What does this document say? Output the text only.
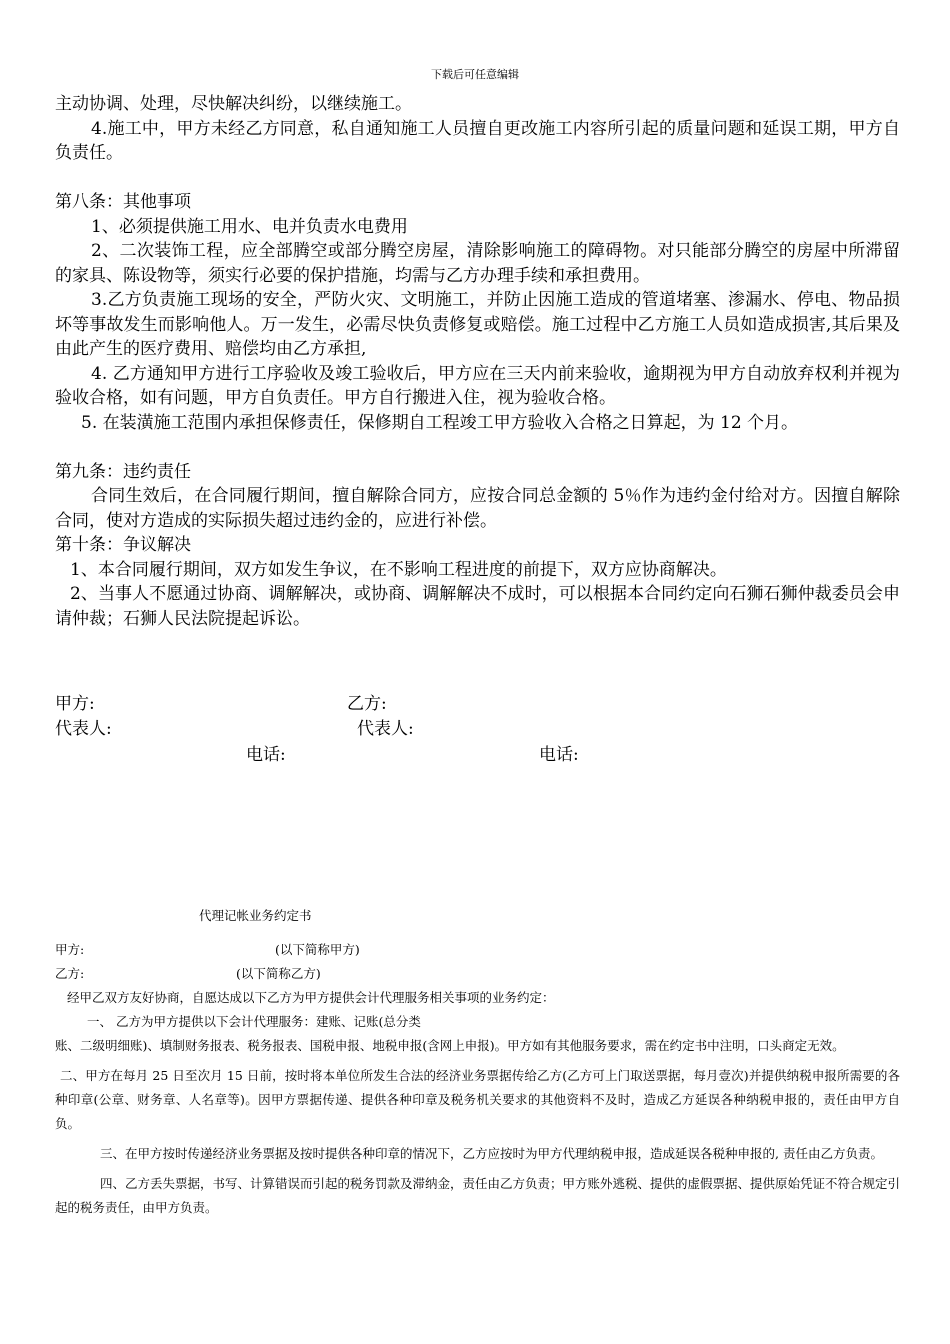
下载后可任意编辑

主动协调、处理，尽快解决纠纷，以继续施工。

4.施工中，甲方未经乙方同意，私自通知施工人员擅自更改施工内容所引起的质量问题和延误工期，甲方自负责任。

第八条：其他事项

1、必须提供施工用水、电并负责水电费用

2、二次装饰工程，应全部腾空或部分腾空房屋，清除影响施工的障碍物。对只能部分腾空的房屋中所滞留的家具、陈设物等，须实行必要的保护措施，均需与乙方办理手续和承担费用。

3.乙方负责施工现场的安全，严防火灾、文明施工，并防止因施工造成的管道堵塞、渗漏水、停电、物品损坏等事故发生而影响他人。万一发生，必需尽快负责修复或赔偿。施工过程中乙方施工人员如造成损害,其后果及由此产生的医疗费用、赔偿均由乙方承担,

4. 乙方通知甲方进行工序验收及竣工验收后，甲方应在三天内前来验收，逾期视为甲方自动放弃权利并视为验收合格，如有问题，甲方自负责任。甲方自行搬进入住，视为验收合格。

5. 在装潢施工范围内承担保修责任，保修期自工程竣工甲方验收入合格之日算起，为 12 个月。

第九条：违约责任

合同生效后，在合同履行期间，擅自解除合同方，应按合同总金额的 5％作为违约金付给对方。因擅自解除合同，使对方造成的实际损失超过违约金的，应进行补偿。

第十条：争议解决

1、本合同履行期间，双方如发生争议，在不影响工程进度的前提下，双方应协商解决。

2、当事人不愿通过协商、调解解决，或协商、调解解决不成时，可以根据本合同约定向石狮石狮仲裁委员会申请仲裁；石狮人民法院提起诉讼。

甲方:	乙方:
代表人:	代表人:
电话:	电话:
代理记帐业务约定书
甲方:	(以下简称甲方)
乙方:	(以下简称乙方)

经甲乙双方友好协商，自愿达成以下乙方为甲方提供会计代理服务相关事项的业务约定：

一、 乙方为甲方提供以下会计代理服务：建账、记账(总分类

账、二级明细账)、填制财务报表、税务报表、国税申报、地税申报(含网上申报)。甲方如有其他服务要求，需在约定书中注明，口头商定无效。

二、甲方在每月 25 日至次月 15 日前，按时将本单位所发生合法的经济业务票据传给乙方(乙方可上门取送票据，每月壹次)并提供纳税申报所需要的各种印章(公章、财务章、人名章等)。因甲方票据传递、提供各种印章及税务机关要求的其他资料不及时，造成乙方延误各种纳税申报的，责任由甲方自负。

三、在甲方按时传递经济业务票据及按时提供各种印章的情况下，乙方应按时为甲方代理纳税申报，造成延误各税种申报的, 责任由乙方负责。

四、乙方丢失票据，书写、计算错误而引起的税务罚款及滞纳金，责任由乙方负责；甲方账外逃税、提供的虚假票据、提供原始凭证不符合规定引起的税务责任，由甲方负责。
